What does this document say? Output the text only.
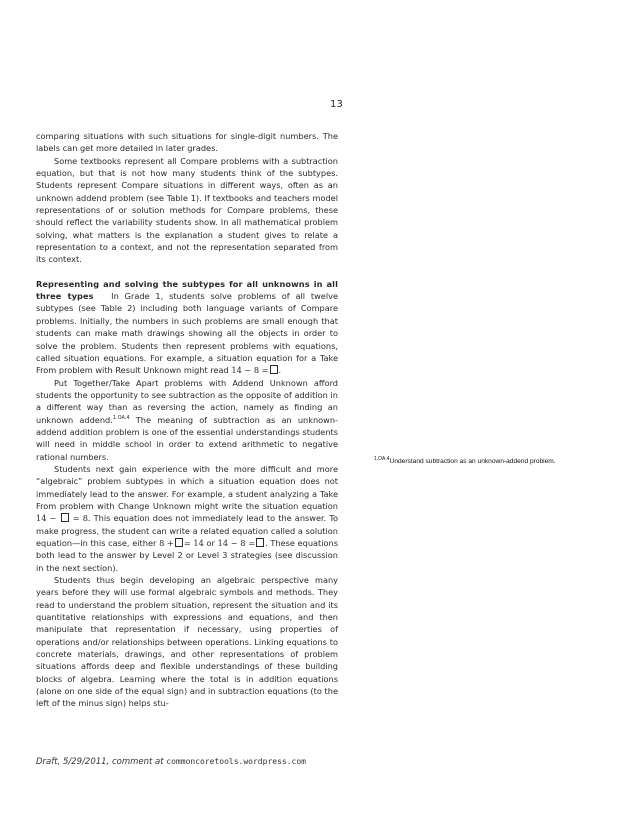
13

comparing situations with such situations for single-digit numbers. The labels can get more detailed in later grades.

Some textbooks represent all Compare problems with a subtraction equation, but that is not how many students think of the subtypes. Students represent Compare situations in different ways, often as an unknown addend problem (see Table 1). If textbooks and teachers model representations of or solution methods for Compare problems, these should reflect the variability students show. In all mathematical problem solving, what matters is the explanation a student gives to relate a representation to a context, and not the representation separated from its context.

Representing and solving the subtypes for all unknowns in all three types In Grade 1, students solve problems of all twelve subtypes (see Table 2) including both language variants of Compare problems. Initially, the numbers in such problems are small enough that students can make math drawings showing all the objects in order to solve the problem. Students then represent problems with equations, called situation equations. For example, a situation equation for a Take From problem with Result Unknown might read 14 − 8 = .

Put Together/Take Apart problems with Addend Unknown afford students the opportunity to see subtraction as the opposite of addition in a different way than as reversing the action, namely as finding an unknown addend.$^{1.OA.4}$ The meaning of subtraction as an unknown-addend addition problem is one of the essential understandings students will need in middle school in order to extend arithmetic to negative rational numbers.

Students next gain experience with the more difficult and more “algebraic” problem subtypes in which a situation equation does not immediately lead to the answer. For example, a student analyzing a Take From problem with Change Unknown might write the situation equation 14 − = 8. This equation does not immediately lead to the answer. To make progress, the student can write a related equation called a solution equation—in this case, either 8 + = 14 or 14 − 8 = . These equations both lead to the answer by Level 2 or Level 3 strategies (see discussion in the next section).

Students thus begin developing an algebraic perspective many years before they will use formal algebraic symbols and methods. They read to understand the problem situation, represent the situation and its quantitative relationships with expressions and equations, and then manipulate that representation if necessary, using properties of operations and/or relationships between operations. Linking equations to concrete materials, drawings, and other representations of problem situations affords deep and flexible understandings of these building blocks of algebra. Learning where the total is in addition equations (alone on one side of the equal sign) and in subtraction equations (to the left of the minus sign) helps stu-

$^{1.OA.4}$Understand subtraction as an unknown-addend problem.
Draft, 5/29/2011, comment at commoncoretools.wordpress.com
